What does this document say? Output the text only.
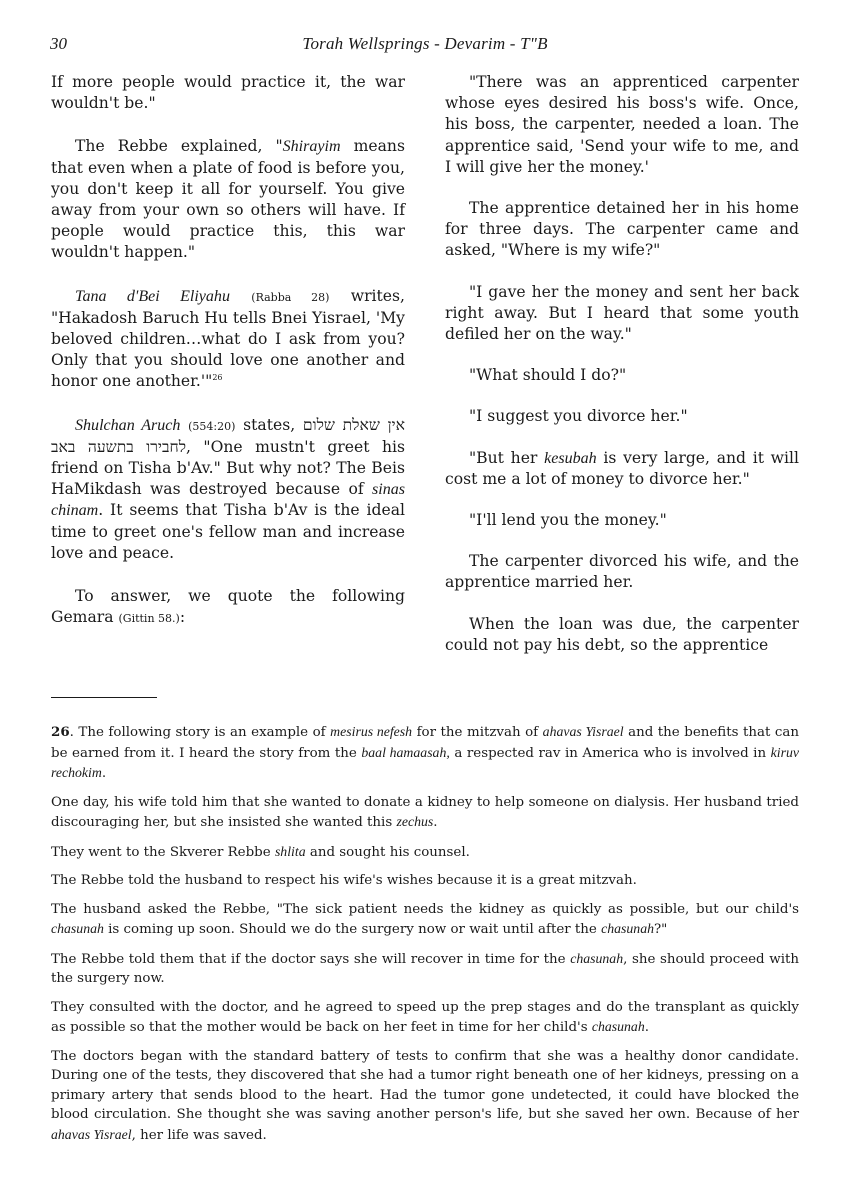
30	Torah Wellsprings - Devarim - T"B

If more people would practice it, the war wouldn't be."

The Rebbe explained, "Shirayim means that even when a plate of food is before you, you don't keep it all for yourself. You give away from your own so others will have. If people would practice this, this war wouldn't happen."

Tana d'Bei Eliyahu (Rabba 28) writes, "Hakadosh Baruch Hu tells Bnei Yisrael, 'My beloved children…what do I ask from you? Only that you should love one another and honor one another.'"$^{26}$

Shulchan Aruch (554:20) states, אין שאלת שלום לחבירו בתשעה באב, "One mustn't greet his friend on Tisha b'Av." But why not? The Beis HaMikdash was destroyed because of sinas chinam. It seems that Tisha b'Av is the ideal time to greet one's fellow man and increase love and peace.

To answer, we quote the following Gemara (Gittin 58.):

"There was an apprenticed carpenter whose eyes desired his boss's wife. Once, his boss, the carpenter, needed a loan. The apprentice said, 'Send your wife to me, and I will give her the money.'

The apprentice detained her in his home for three days. The carpenter came and asked, "Where is my wife?"

"I gave her the money and sent her back right away. But I heard that some youth defiled her on the way."

"What should I do?"

"I suggest you divorce her."

"But her kesubah is very large, and it will cost me a lot of money to divorce her."

"I'll lend you the money."

The carpenter divorced his wife, and the apprentice married her.

When the loan was due, the carpenter could not pay his debt, so the apprentice

26. The following story is an example of mesirus nefesh for the mitzvah of ahavas Yisrael and the benefits that can be earned from it. I heard the story from the baal hamaasah, a respected rav in America who is involved in kiruv rechokim.

One day, his wife told him that she wanted to donate a kidney to help someone on dialysis. Her husband tried discouraging her, but she insisted she wanted this zechus.

They went to the Skverer Rebbe shlita and sought his counsel.

The Rebbe told the husband to respect his wife's wishes because it is a great mitzvah.

The husband asked the Rebbe, "The sick patient needs the kidney as quickly as possible, but our child's chasunah is coming up soon. Should we do the surgery now or wait until after the chasunah?"

The Rebbe told them that if the doctor says she will recover in time for the chasunah, she should proceed with the surgery now.

They consulted with the doctor, and he agreed to speed up the prep stages and do the transplant as quickly as possible so that the mother would be back on her feet in time for her child's chasunah.

The doctors began with the standard battery of tests to confirm that she was a healthy donor candidate. During one of the tests, they discovered that she had a tumor right beneath one of her kidneys, pressing on a primary artery that sends blood to the heart. Had the tumor gone undetected, it could have blocked the blood circulation. She thought she was saving another person's life, but she saved her own. Because of her ahavas Yisrael, her life was saved.
